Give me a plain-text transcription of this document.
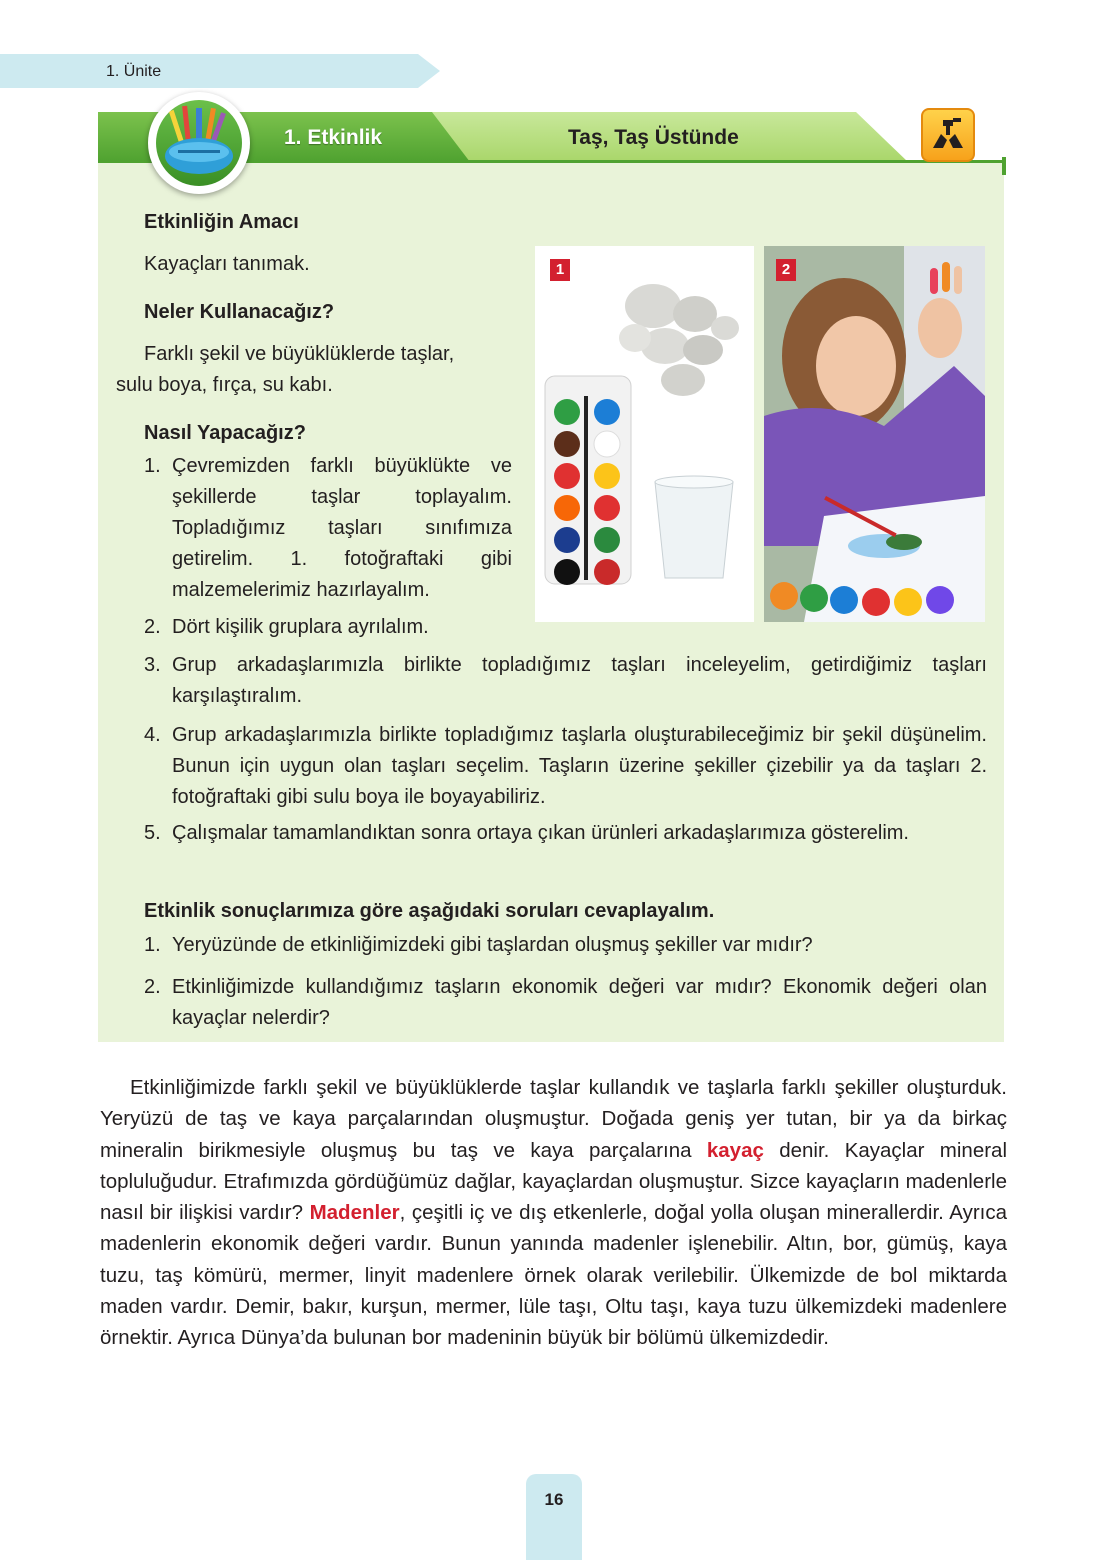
1. Ünite
1. Etkinlik	Taş, Taş Üstünde
Etkinliğin Amacı
Kayaçları tanımak.
Neler Kullanacağız?
Farklı şekil ve büyüklüklerde taşlar,
sulu boya, fırça, su kabı.
Nasıl Yapacağız?
1. Çevremizden farklı büyüklükte ve şekillerde taşlar toplayalım. Topladığımız taşları sınıfımıza getirelim. 1. fotoğraftaki gibi malzemelerimiz hazırlayalım.
2. Dört kişilik gruplara ayrılalım.
3. Grup arkadaşlarımızla birlikte topladığımız taşları inceleyelim, getirdiğimiz taşları karşılaştıralım.
4. Grup arkadaşlarımızla birlikte topladığımız taşlarla oluşturabileceğimiz bir şekil düşünelim. Bunun için uygun olan taşları seçelim. Taşların üzerine şekiller çizebilir ya da taşları 2. fotoğraftaki gibi sulu boya ile boyayabiliriz.
5. Çalışmalar tamamlandıktan sonra ortaya çıkan ürünleri arkadaşlarımıza gösterelim.
Etkinlik sonuçlarımıza göre aşağıdaki soruları cevaplayalım.
1. Yeryüzünde de etkinliğimizdeki gibi taşlardan oluşmuş şekiller var mıdır?
2. Etkinliğimizde kullandığımız taşların ekonomik değeri var mıdır? Ekonomik değeri olan kayaçlar nelerdir?
1	2
Etkinliğimizde farklı şekil ve büyüklüklerde taşlar kullandık ve taşlarla farklı şekiller oluşturduk. Yeryüzü de taş ve kaya parçalarından oluşmuştur. Doğada geniş yer tutan, bir ya da birkaç mineralin birikmesiyle oluşmuş bu taş ve kaya parçalarına kayaç denir. Kayaçlar mineral topluluğudur. Etrafımızda gördüğümüz dağlar, kayaçlardan oluşmuştur. Sizce kayaçların madenlerle nasıl bir ilişkisi vardır? Madenler, çeşitli iç ve dış etkenlerle, doğal yolla oluşan minerallerdir. Ayrıca madenlerin ekonomik değeri vardır. Bunun yanında madenler işlenebilir. Altın, bor, gümüş, kaya tuzu, taş kömürü, mermer, linyit madenlere örnek olarak verilebilir. Ülkemizde de bol miktarda maden vardır. Demir, bakır, kurşun, mermer, lüle taşı, Oltu taşı, kaya tuzu ülkemizdeki madenlere örnektir. Ayrıca Dünya’da bulunan bor madeninin büyük bir bölümü ülkemizdedir.
16
